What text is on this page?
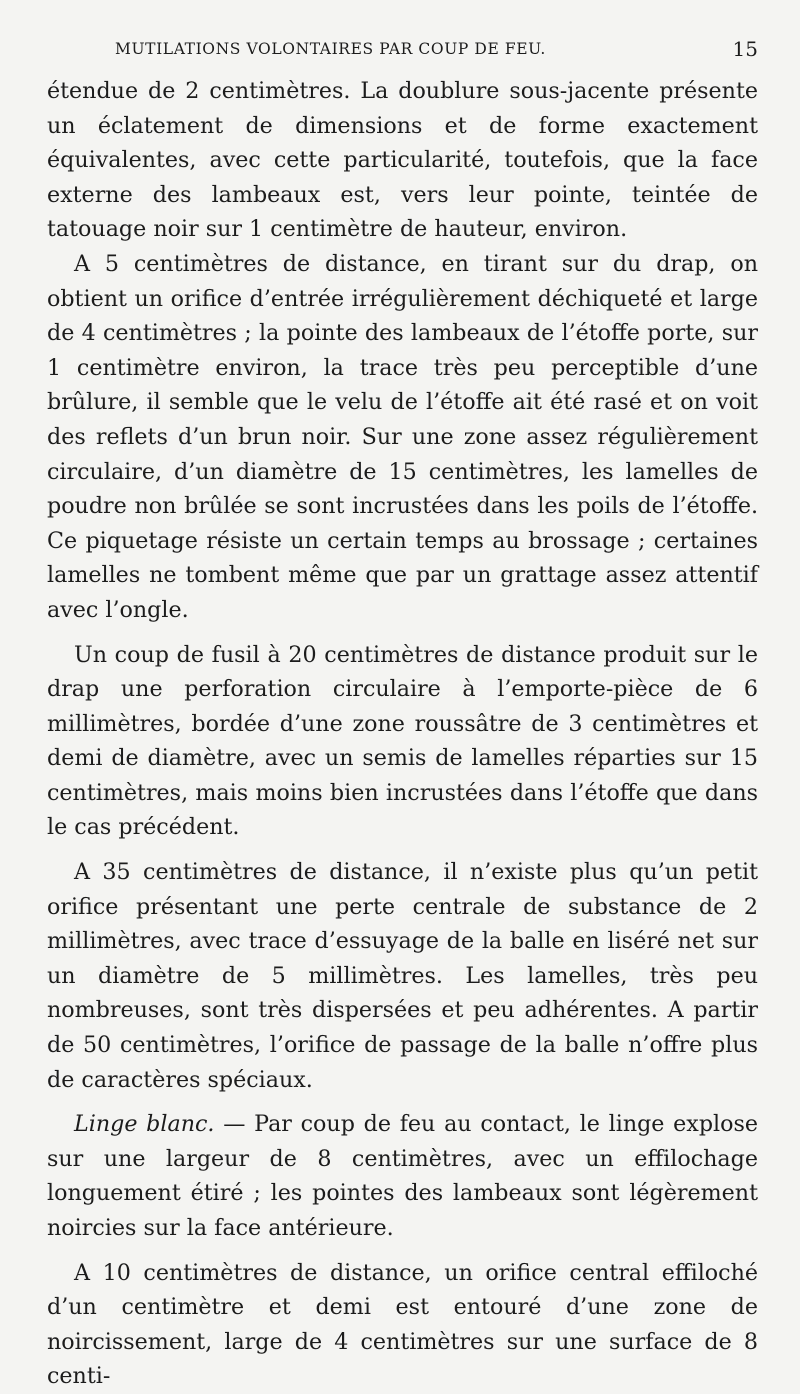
MUTILATIONS VOLONTAIRES PAR COUP DE FEU.	15

étendue de 2 centimètres. La doublure sous-jacente présente un éclatement de dimensions et de forme exactement équivalentes, avec cette particularité, toutefois, que la face externe des lambeaux est, vers leur pointe, teintée de tatouage noir sur 1 centimètre de hauteur, environ.

A 5 centimètres de distance, en tirant sur du drap, on obtient un orifice d’entrée irrégulièrement déchiqueté et large de 4 centimètres ; la pointe des lambeaux de l’étoffe porte, sur 1 centimètre environ, la trace très peu perceptible d’une brûlure, il semble que le velu de l’étoffe ait été rasé et on voit des reflets d’un brun noir. Sur une zone assez régulièrement circulaire, d’un diamètre de 15 centimètres, les lamelles de poudre non brûlée se sont incrustées dans les poils de l’étoffe. Ce piquetage résiste un certain temps au brossage ; certaines lamelles ne tombent même que par un grattage assez attentif avec l’ongle.

Un coup de fusil à 20 centimètres de distance produit sur le drap une perforation circulaire à l’emporte-pièce de 6 millimètres, bordée d’une zone roussâtre de 3 centimètres et demi de diamètre, avec un semis de lamelles réparties sur 15 centimètres, mais moins bien incrustées dans l’étoffe que dans le cas précédent.

A 35 centimètres de distance, il n’existe plus qu’un petit orifice présentant une perte centrale de substance de 2 millimètres, avec trace d’essuyage de la balle en liséré net sur un diamètre de 5 millimètres. Les lamelles, très peu nombreuses, sont très dispersées et peu adhérentes. A partir de 50 centimètres, l’orifice de passage de la balle n’offre plus de caractères spéciaux.

Linge blanc. — Par coup de feu au contact, le linge explose sur une largeur de 8 centimètres, avec un effilochage longuement étiré ; les pointes des lambeaux sont légèrement noircies sur la face antérieure.

A 10 centimètres de distance, un orifice central effiloché d’un centimètre et demi est entouré d’une zone de noircissement, large de 4 centimètres sur une surface de 8 centi-
